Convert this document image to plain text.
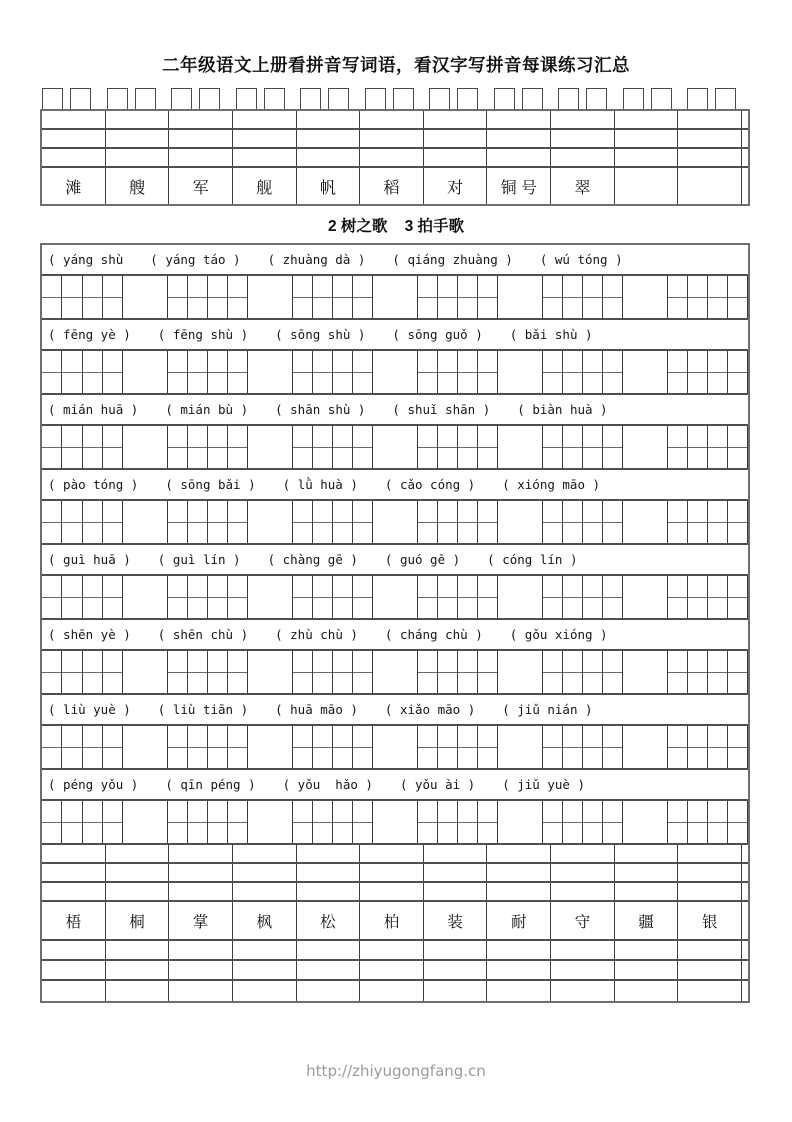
二年级语文上册看拼音写词语，看汉字写拼音每课练习汇总
滩	艘	军	舰	帆	稻	对	铜 号	翠
2 树之歌    3 拍手歌
( yáng shù ( yáng táo ) ( zhuàng dà ) ( qiáng zhuàng ) ( wú tóng )
( fēng yè ) ( fēng shù ) ( sōng shù ) ( sōng guǒ ) ( bǎi shù )
( mián huā ) ( mián bù ) ( shān shù ) ( shuǐ shān ) ( biàn huà )
( pào tóng ) ( sōng bǎi ) ( lǜ huà ) ( cǎo cóng ) ( xióng māo )
( guì huā ) ( guì lín ) ( chàng gē ) ( guó gē ) ( cóng lín )
( shēn yè ) ( shēn chù ) ( zhù chù ) ( cháng chù ) ( gǒu xióng )
( liù yuè ) ( liù tiān ) ( huā māo ) ( xiǎo māo ) ( jiǔ nián )
( péng yǒu ) ( qīn péng ) ( yǒu  hǎo ) ( yǒu ài ) ( jiǔ yuè )
梧	桐	掌	枫	松	柏	装	耐	守	疆	银
http://zhiyugongfang.cn
